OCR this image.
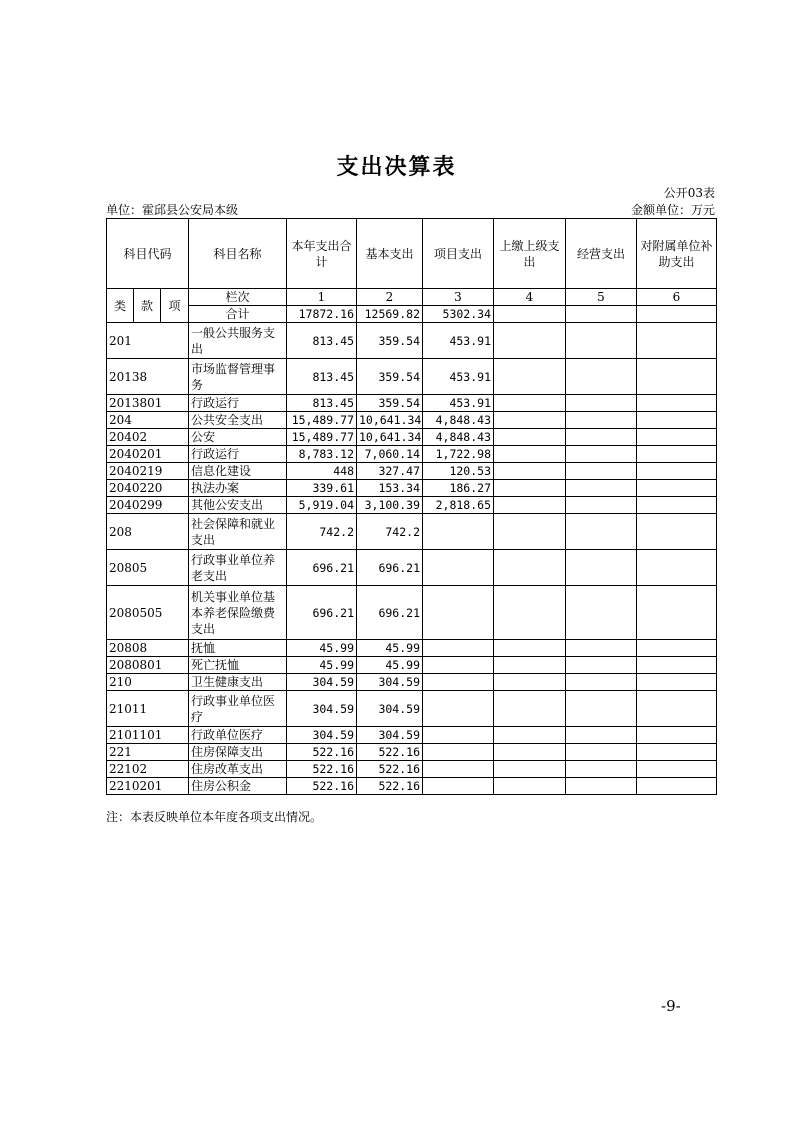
支出决算表
公开03表
单位：霍邱县公安局本级	金额单位：万元
科目代码			科目名称	本年支出合计	基本支出	项目支出	上缴上级支出	经营支出	对附属单位补助支出
类	款	项	栏次	1	2	3	4	5	6
			合计	17872.16	12569.82	5302.34			
201			一般公共服务支出	813.45	359.54	453.91			
20138			市场监督管理事务	813.45	359.54	453.91			
2013801			行政运行	813.45	359.54	453.91			
204			公共安全支出	15,489.77	10,641.34	4,848.43			
20402			公安	15,489.77	10,641.34	4,848.43			
2040201			行政运行	8,783.12	7,060.14	1,722.98			
2040219			信息化建设	448	327.47	120.53			
2040220			执法办案	339.61	153.34	186.27			
2040299			其他公安支出	5,919.04	3,100.39	2,818.65			
208			社会保障和就业支出	742.2	742.2				
20805			行政事业单位养老支出	696.21	696.21				
2080505			机关事业单位基本养老保险缴费支出	696.21	696.21				
20808			抚恤	45.99	45.99				
2080801			死亡抚恤	45.99	45.99				
210			卫生健康支出	304.59	304.59				
21011			行政事业单位医疗	304.59	304.59				
2101101			行政单位医疗	304.59	304.59				
221			住房保障支出	522.16	522.16				
22102			住房改革支出	522.16	522.16				
2210201			住房公积金	522.16	522.16				
注：本表反映单位本年度各项支出情况。
-9-
